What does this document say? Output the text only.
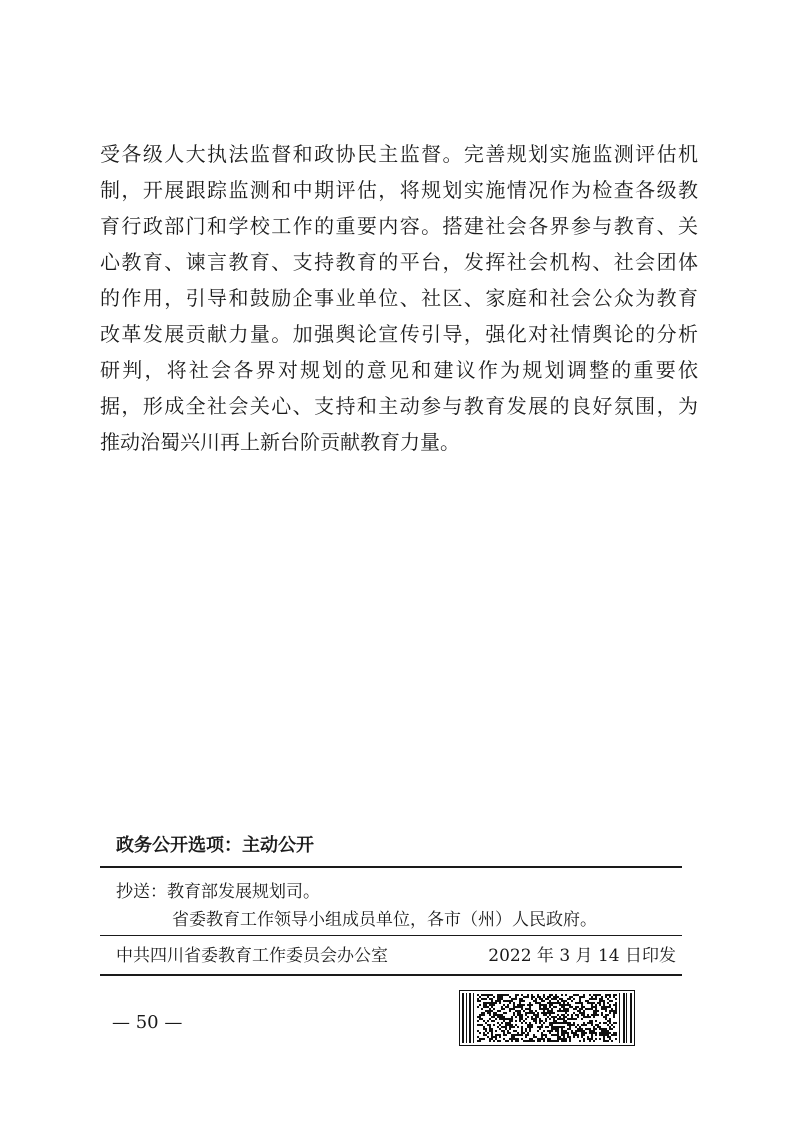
受各级人大执法监督和政协民主监督。完善规划实施监测评估机
制，开展跟踪监测和中期评估，将规划实施情况作为检查各级教
育行政部门和学校工作的重要内容。搭建社会各界参与教育、关
心教育、谏言教育、支持教育的平台，发挥社会机构、社会团体
的作用，引导和鼓励企事业单位、社区、家庭和社会公众为教育
改革发展贡献力量。加强舆论宣传引导，强化对社情舆论的分析
研判，将社会各界对规划的意见和建议作为规划调整的重要依
据，形成全社会关心、支持和主动参与教育发展的良好氛围，为
推动治蜀兴川再上新台阶贡献教育力量。
政务公开选项：主动公开
抄送：教育部发展规划司。
省委教育工作领导小组成员单位，各市（州）人民政府。
中共四川省委教育工作委员会办公室	2022 年 3 月 14 日印发
— 50 —
